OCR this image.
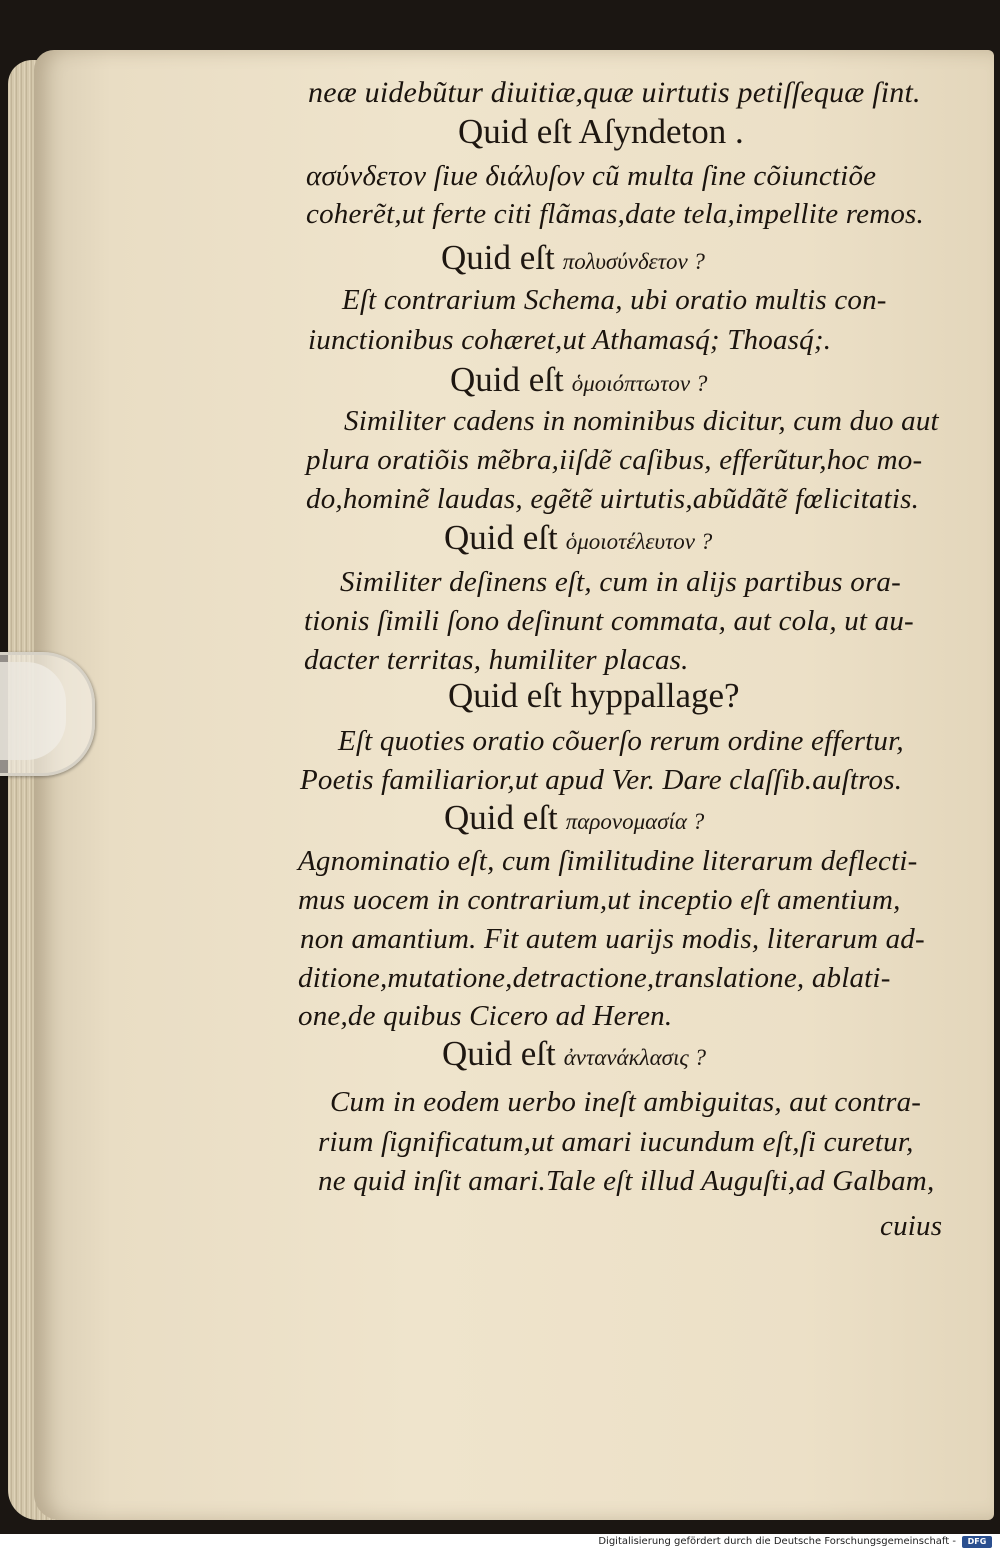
nеæ uidebũtur diuitiæ,quæ uirtutis petiſſequæ ſint.
Quid eſt Aſyndeton .
ασύνδετον ſiue διάλυſον cũ multa ſine cõiunctiõe
coherẽt,ut ferte citi flãmas,date tela,impellite remos.
Quid eſt πολυσύνδετον ?
Eſt contrarium Schema, ubi oratio multis con-
iunctionibus cohæret,ut Athamasq́; Thoasq́;.
Quid eſt ὁμοιόπτωτον ?
Similiter cadens in nominibus dicitur, cum duo aut
plura oratiõis mẽbra,iiſdẽ caſibus, efferũtur,hoc mo-
do,hominẽ laudas, egẽtẽ uirtutis,abũdãtẽ fœlicitatis.
Quid eſt ὁμοιοτέλευτον ?
Similiter deſinens eſt, cum in alijs partibus ora-
tionis ſimili ſono deſinunt commata, aut cola, ut au-
dacter territas, humiliter placas.
Quid eſt hyppallage?
Eſt quoties oratio cõuerſo rerum ordine effertur,
Poetis familiarior,ut apud Ver. Dare claſſib.auſtros.
Quid eſt παρονομασία ?
Agnominatio eſt, cum ſimilitudine literarum deflecti-
mus uocem in contrarium,ut inceptio eſt amentium,
non amantium. Fit autem uarijs modis, literarum ad-
ditione,mutatione,detractione,translatione, ablati-
one,de quibus Cicero ad Heren.
Quid eſt ἀντανάκλασις ?
Cum in eodem uerbo ineſt ambiguitas, aut contra-
rium ſignificatum,ut amari iucundum eſt,ſi curetur,
ne quid inſit amari.Tale eſt illud Auguſti,ad Galbam,
cuius
Digitalisierung gefördert durch die Deutsche Forschungsgemeinschaft -	DFG
